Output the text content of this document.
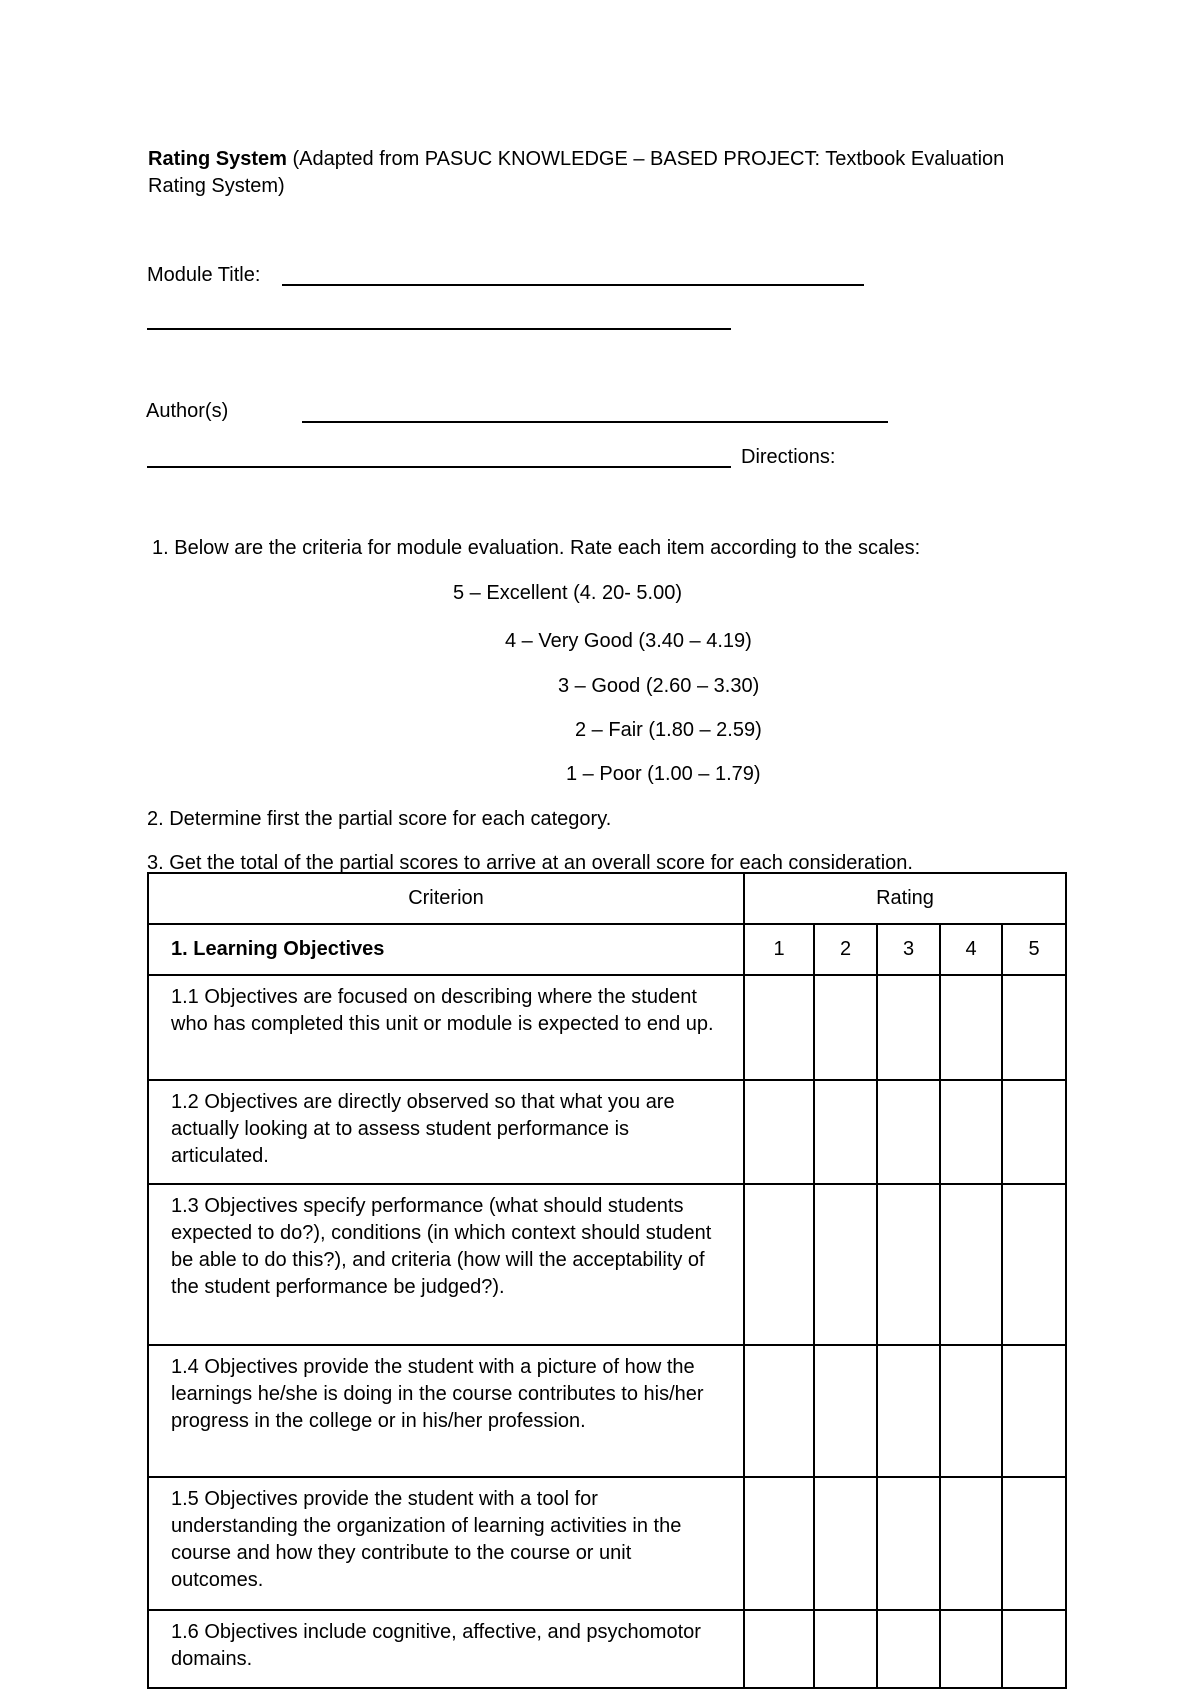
Rating System (Adapted from PASUC KNOWLEDGE – BASED PROJECT: Textbook Evaluation Rating System)
Module Title:
Author(s)
Directions:
1. Below are the criteria for module evaluation. Rate each item according to the scales:
5 – Excellent (4. 20- 5.00)
4 – Very Good (3.40 – 4.19)
3 – Good (2.60 – 3.30)
2 – Fair (1.80 – 2.59)
1 – Poor (1.00 – 1.79)
2. Determine first the partial score for each category.
3. Get the total of the partial scores to arrive at an overall score for each consideration.
Criterion	Rating				
1. Learning Objectives	1	2	3	4	5
1.1 Objectives are focused on describing where the student who has completed this unit or module is expected to end up.					
1.2 Objectives are directly observed so that what you are actually looking at to assess student performance is articulated.					
1.3 Objectives specify performance (what should students expected to do?), conditions (in which context should student be able to do this?), and criteria (how will the acceptability of the student performance be judged?).					
1.4 Objectives provide the student with a picture of how the learnings he/she is doing in the course contributes to his/her progress in the college or in his/her profession.					
1.5 Objectives provide the student with a tool for understanding the organization of learning activities in the course and how they contribute to the course or unit outcomes.					
1.6 Objectives include cognitive, affective, and psychomotor domains.					
